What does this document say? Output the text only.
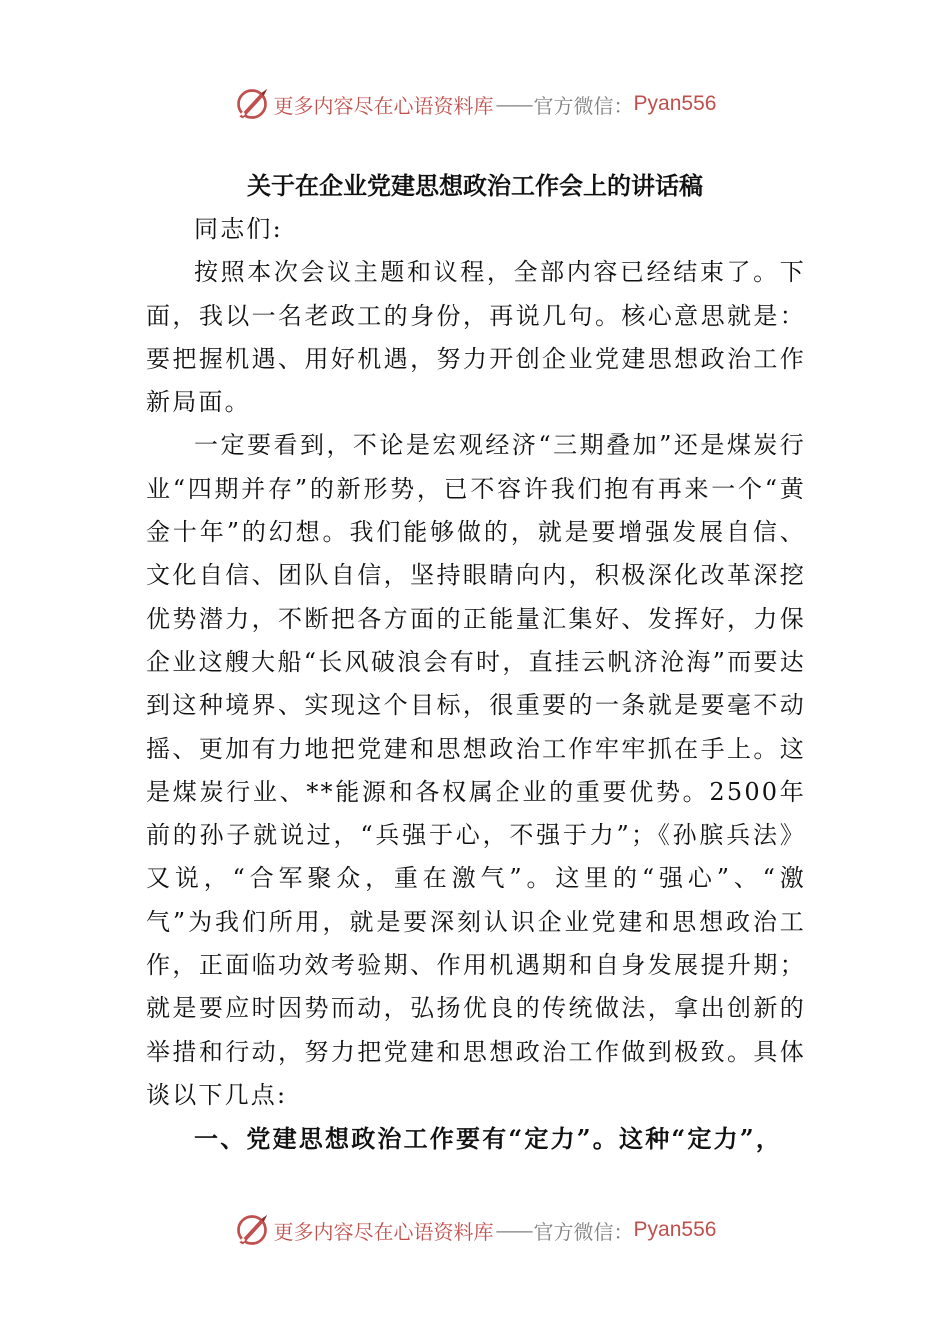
更多内容尽在心语资料库 —— 官方微信： Pyan556
关于在企业党建思想政治工作会上的讲话稿

同志们:

按照本次会议主题和议程，全部内容已经结束了。下面，我以一名老政工的身份，再说几句。核心意思就是：要把握机遇、用好机遇，努力开创企业党建思想政治工作新局面。

一定要看到，不论是宏观经济“三期叠加”还是煤炭行业“四期并存”的新形势，已不容许我们抱有再来一个“黄金十年”的幻想。我们能够做的，就是要增强发展自信、文化自信、团队自信，坚持眼睛向内，积极深化改革深挖优势潜力，不断把各方面的正能量汇集好、发挥好，力保企业这艘大船“长风破浪会有时，直挂云帆济沧海”而要达到这种境界、实现这个目标，很重要的一条就是要毫不动摇、更加有力地把党建和思想政治工作牢牢抓在手上。这是煤炭行业、**能源和各权属企业的重要优势。2500年前的孙子就说过，“兵强于心，不强于力”；《孙膑兵法》又说，“合军聚众，重在激气”。这里的“强心”、“激气”为我们所用，就是要深刻认识企业党建和思想政治工作，正面临功效考验期、作用机遇期和自身发展提升期；就是要应时因势而动，弘扬优良的传统做法，拿出创新的举措和行动，努力把党建和思想政治工作做到极致。具体谈以下几点:

一、党建思想政治工作要有“定力”。这种“定力”，

更多内容尽在心语资料库 —— 官方微信： Pyan556
